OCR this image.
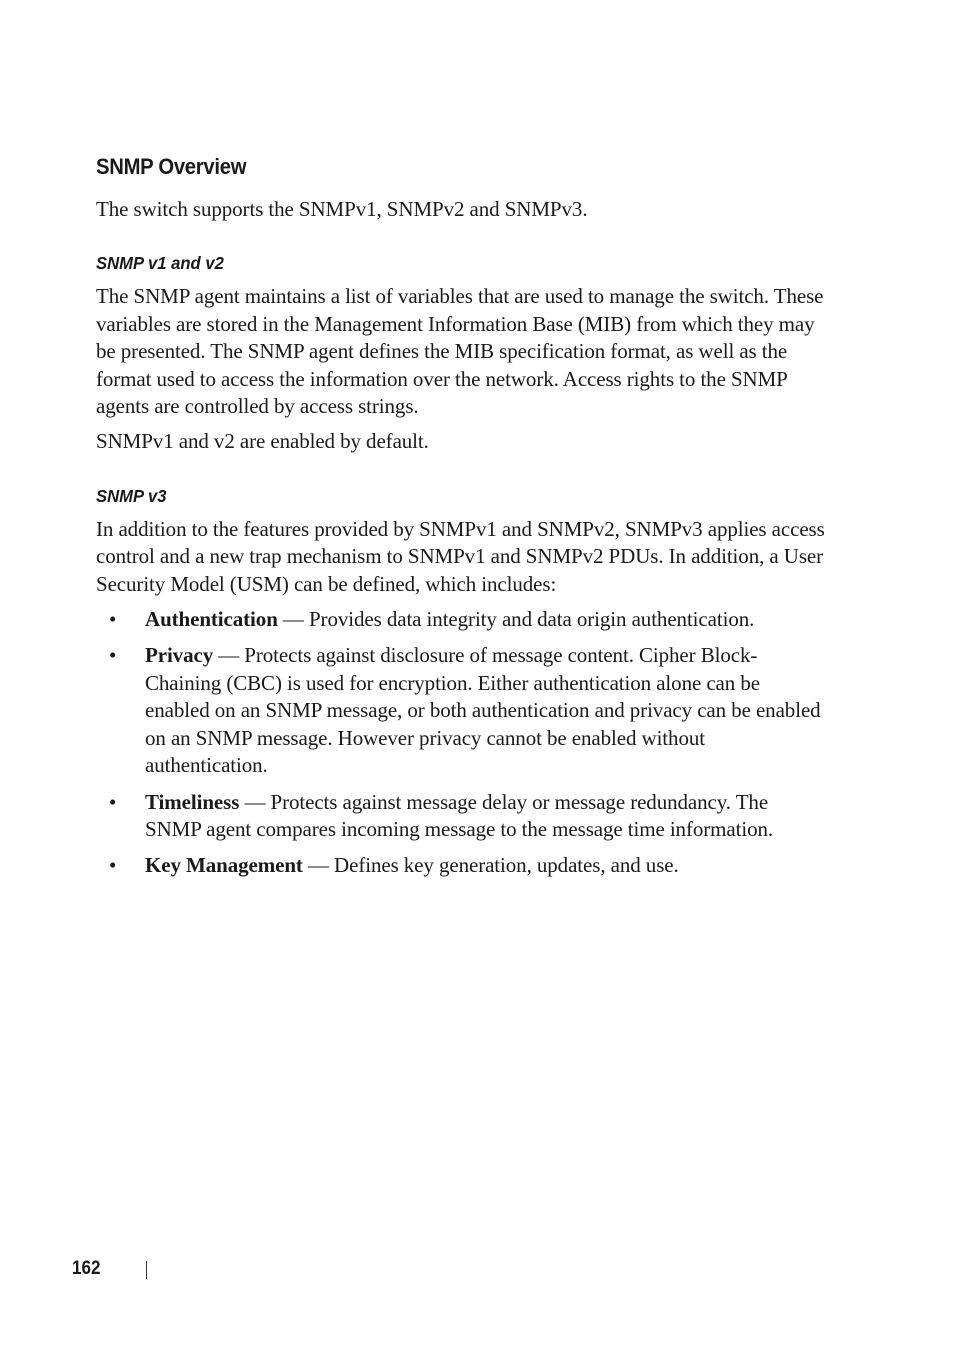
SNMP Overview

The switch supports the SNMPv1, SNMPv2 and SNMPv3.

SNMP v1 and v2

The SNMP agent maintains a list of variables that are used to manage the switch. These variables are stored in the Management Information Base (MIB) from which they may be presented. The SNMP agent defines the MIB specification format, as well as the format used to access the information over the network. Access rights to the SNMP agents are controlled by access strings.

SNMPv1 and v2 are enabled by default.

SNMP v3

In addition to the features provided by SNMPv1 and SNMPv2, SNMPv3 applies access control and a new trap mechanism to SNMPv1 and SNMPv2 PDUs. In addition, a User Security Model (USM) can be defined, which includes:

• Authentication — Provides data integrity and data origin authentication.
• Privacy — Protects against disclosure of message content. Cipher Block-Chaining (CBC) is used for encryption. Either authentication alone can be enabled on an SNMP message, or both authentication and privacy can be enabled on an SNMP message. However privacy cannot be enabled without authentication.
• Timeliness — Protects against message delay or message redundancy. The SNMP agent compares incoming message to the message time information.
• Key Management — Defines key generation, updates, and use.
162
